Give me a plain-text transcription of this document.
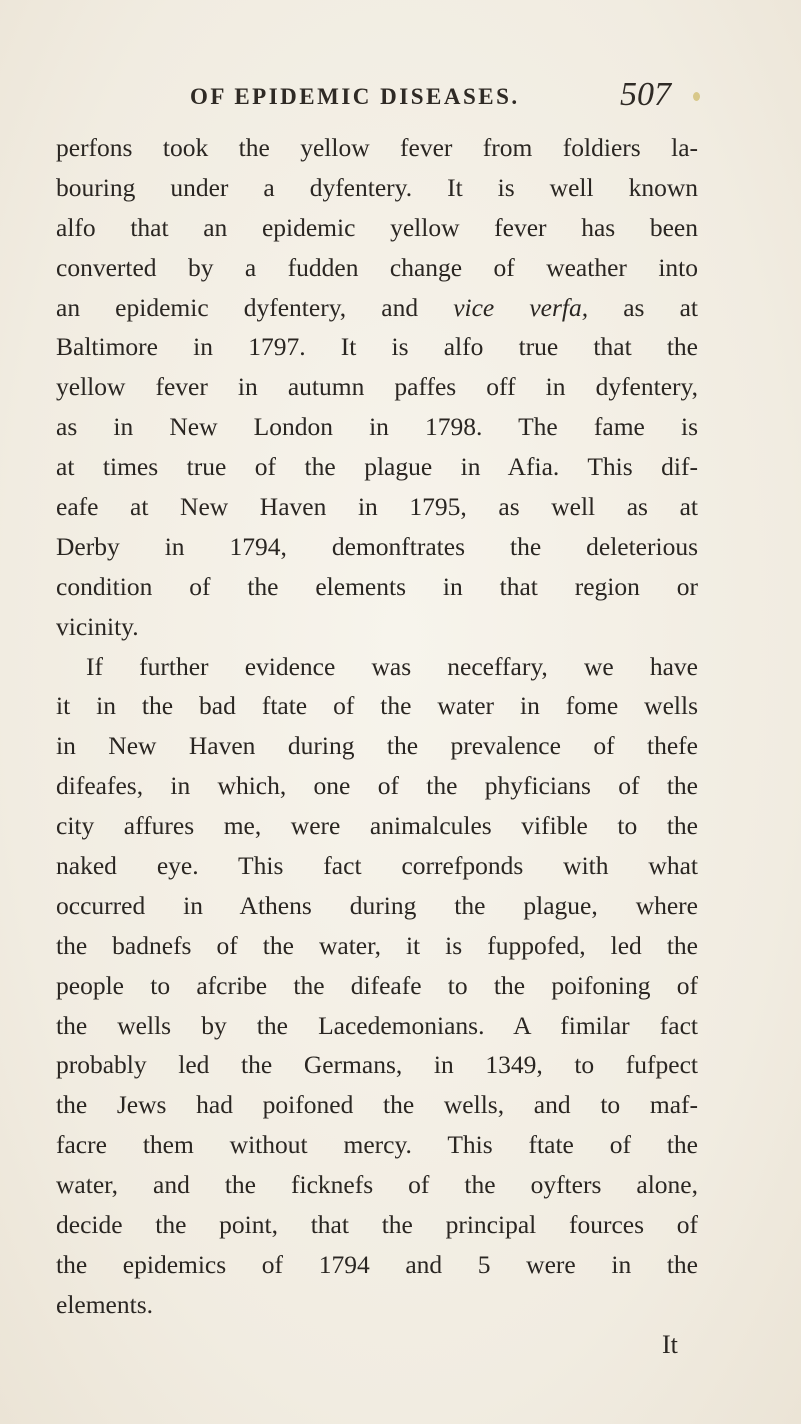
OF EPIDEMIC DISEASES.	507
perfons took the yellow fever from foldiers la-
bouring under a dyfentery. It is well known
alfo that an epidemic yellow fever has been
converted by a fudden change of weather into
an epidemic dyfentery, and vice verfa, as at
Baltimore in 1797. It is alfo true that the
yellow fever in autumn paffes off in dyfentery,
as in New London in 1798. The fame is
at times true of the plague in Afia. This dif-
eafe at New Haven in 1795, as well as at
Derby in 1794, demonftrates the deleterious
condition of the elements in that region or
vicinity.
If further evidence was neceffary, we have
it in the bad ftate of the water in fome wells
in New Haven during the prevalence of thefe
difeafes, in which, one of the phyficians of the
city affures me, were animalcules vifible to the
naked eye. This fact correfponds with what
occurred in Athens during the plague, where
the badnefs of the water, it is fuppofed, led the
people to afcribe the difeafe to the poifoning of
the wells by the Lacedemonians. A fimilar fact
probably led the Germans, in 1349, to fufpect
the Jews had poifoned the wells, and to maf-
facre them without mercy. This ftate of the
water, and the ficknefs of the oyfters alone,
decide the point, that the principal fources of
the epidemics of 1794 and 5 were in the
elements.
It
